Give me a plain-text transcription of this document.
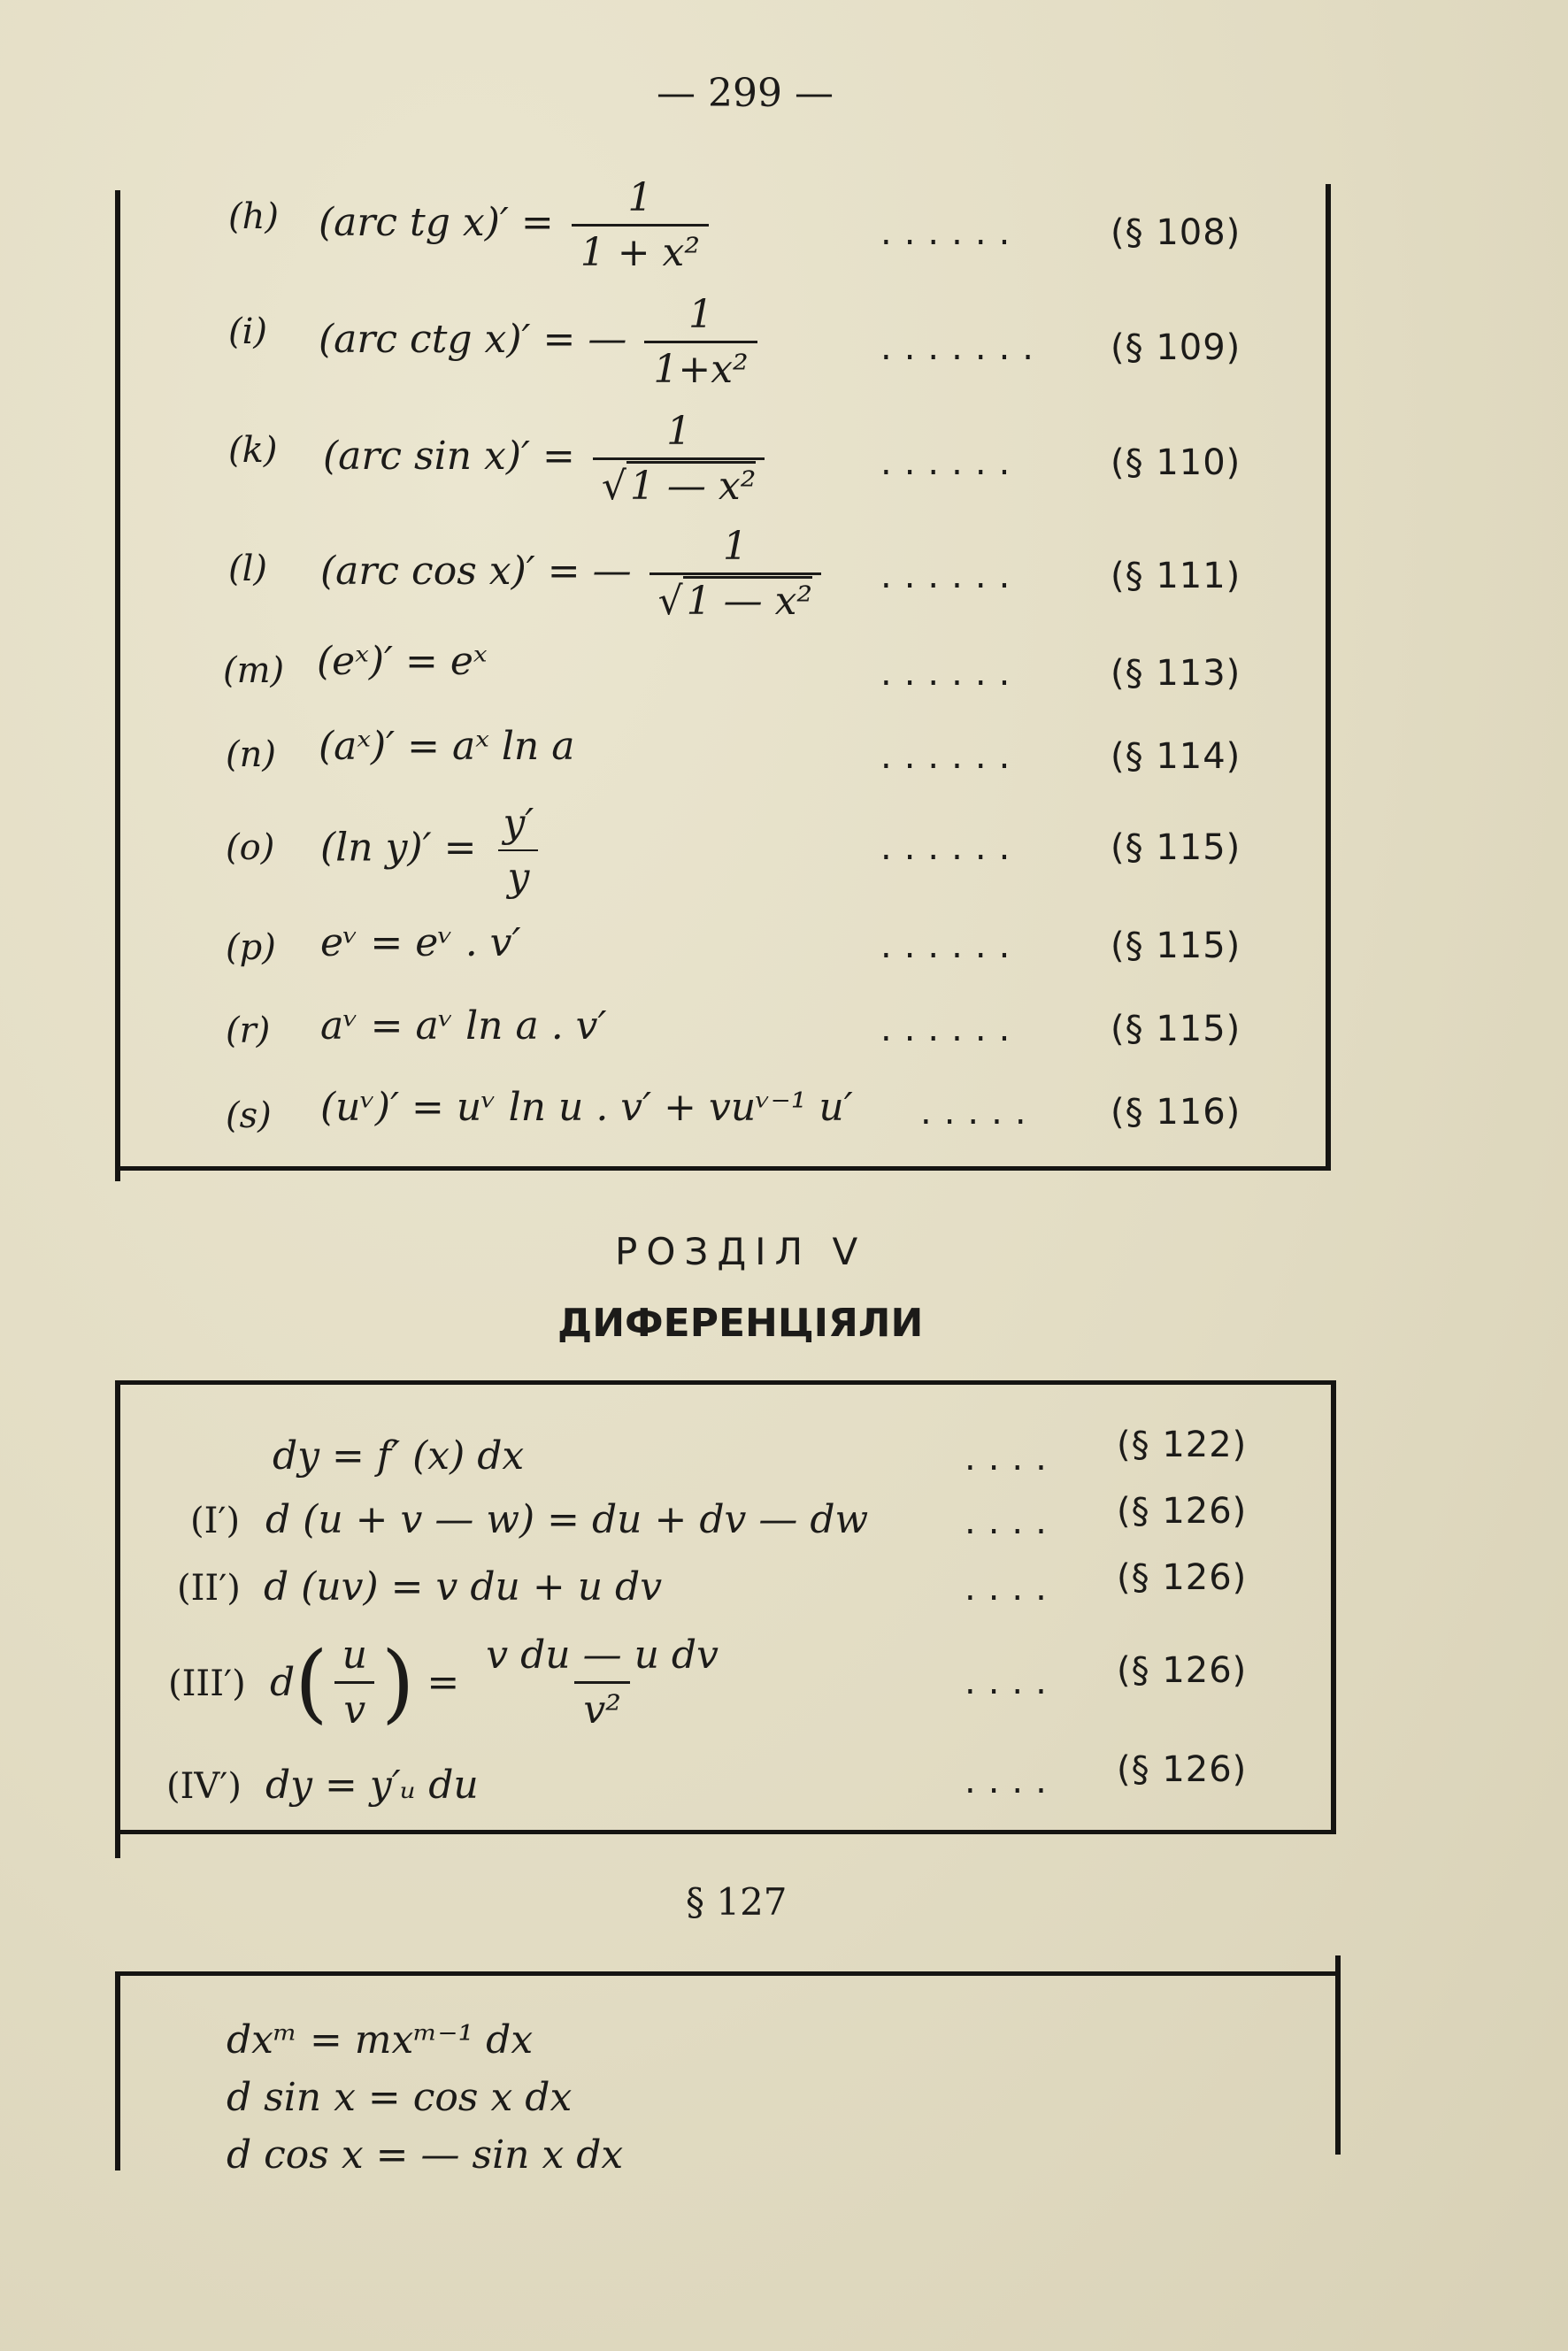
— 299 —
(h) (arc tg $x)' = \frac{1}{\text{1 + x²}}$	...... (§ 108)
(i) (arc ctg x)′ = — $\frac{1}{\text{1+x²}}$	....... (§ 109)
(k) (arc $\sin x)' = \frac{1}{\text{√1 — x²}}$	...... (§ 110)
(l) (arc cos x)′ = — $\frac{1}{\text{√1 — x²}}$ ...... (§ 111)
(m) (eˣ)′ = eˣ	...... (§ 113)
(n) (aˣ)′ = aˣ ln a	...... (§ 114)
(o) (ln $y)' = \frac{y'}{y}$	...... (§ 115)
(p) eᵛ = eᵛ . v′	...... (§ 115)
(r) aᵛ = aᵛ ln a . v′	...... (§ 115)
(s) (uᵛ)′ = uᵛ ln u . v′ + vuᵛ⁻¹ u′ ..... (§ 116)
РОЗДІЛ V
ДИФЕРЕНЦІЯЛИ
dy = f′ (x) dx	.... (§ 122)
(I′) d (u + v — w) = du + dv — dw	.... (§ 126)
(II′) d (uv) = v du + u dv	.... (§ 126)
(III′) d ( $\frac{u}{v}$ ) = $\frac{\text{v du — u dv}}{\text{v²}}$	.... (§ 126)
(IV′) dy = y′ᵤ du	.... (§ 126)
§ 127
dxᵐ = mxᵐ⁻¹ dx
d sin x = cos x dx
d cos x = — sin x dx
